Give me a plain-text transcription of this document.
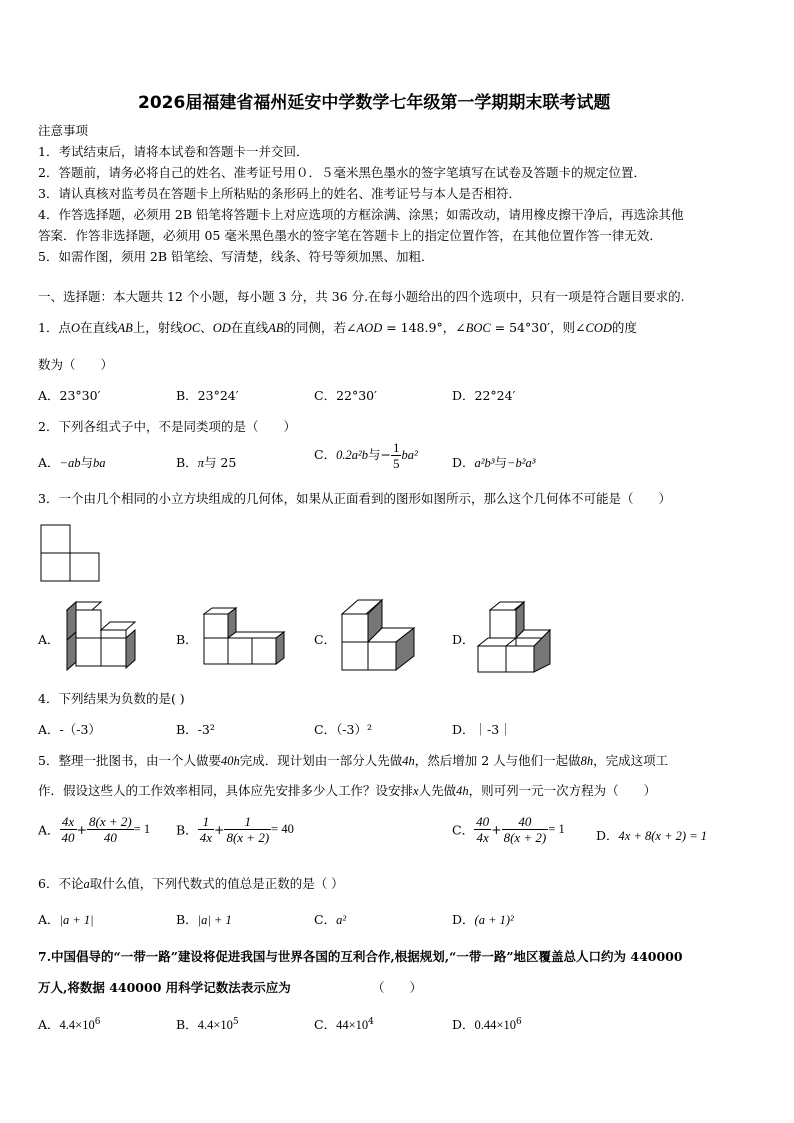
2026届福建省福州延安中学数学七年级第一学期期末联考试题
注意事项
1．考试结束后，请将本试卷和答题卡一并交回．
2．答题前，请务必将自己的姓名、准考证号用０．５毫米黑色墨水的签字笔填写在试卷及答题卡的规定位置．
3．请认真核对监考员在答题卡上所粘贴的条形码上的姓名、准考证号与本人是否相符．
4．作答选择题，必须用 2B 铅笔将答题卡上对应选项的方框涂满、涂黑；如需改动，请用橡皮擦干净后，再选涂其他
答案．作答非选择题，必须用 05 毫米黑色墨水的签字笔在答题卡上的指定位置作答，在其他位置作答一律无效．
5．如需作图，须用 2B 铅笔绘、写清楚，线条、符号等须加黑、加粗．
一、选择题：本大题共 12 个小题，每小题 3 分，共 36 分.在每小题给出的四个选项中，只有一项是符合题目要求的.
1．点O在直线AB上，射线OC、OD在直线AB的同侧，若∠AOD = 148.9°，∠BOC = 54°30′，则∠COD的度
数为（　　）
A．23°30′	B．23°24′	C．22°30′	D．22°24′
2．下列各组式子中，不是同类项的是（　　）
A．−ab与ba	B．π与 25
C．0.2a²b与− $\frac{1}{5} ba^2$	D．a²b³与−b²a³
3．一个由几个相同的小立方块组成的几何体，如果从正面看到的图形如图所示，那么这个几何体不可能是（　　）
A．	B．	C．	D．
4．下列结果为负数的是( )
A．-（-3）	B．-3²	C．（-3）²	D．｜-3｜
5．整理一批图书，由一个人做要40h完成．现计划由一部分人先做4h，然后增加 2 人与他们一起做8h，完成这项工
作．假设这些人的工作效率相同，具体应先安排多少人工作？设安排x人先做4h，则可列一元一次方程为（　　）
A． $\frac{4x}{40} + \frac{8(x + 2)}{40} = 1$ B． $\frac{1}{4x} + \frac{1}{8(x + 2)} = 40$	C． $\frac{40}{4x} + \frac{40}{8(x + 2)} = 1$	D．4x + 8(x + 2) = 1
6．不论a取什么值，下列代数式的值总是正数的是（ ）
A．|a + 1|	B．|a| + 1	C．a²	D．(a + 1)²
7.中国倡导的“一带一路”建设将促进我国与世界各国的互利合作,根据规划,“一带一路”地区覆盖总人口约为 440000
万人,将数据 440000 用科学记数法表示应为	（　　）
A．$4.4\times 10^6$	B．$4.4\times 10^5$	C．$44\times 10^4$	D．$0.44\times 10^6$
